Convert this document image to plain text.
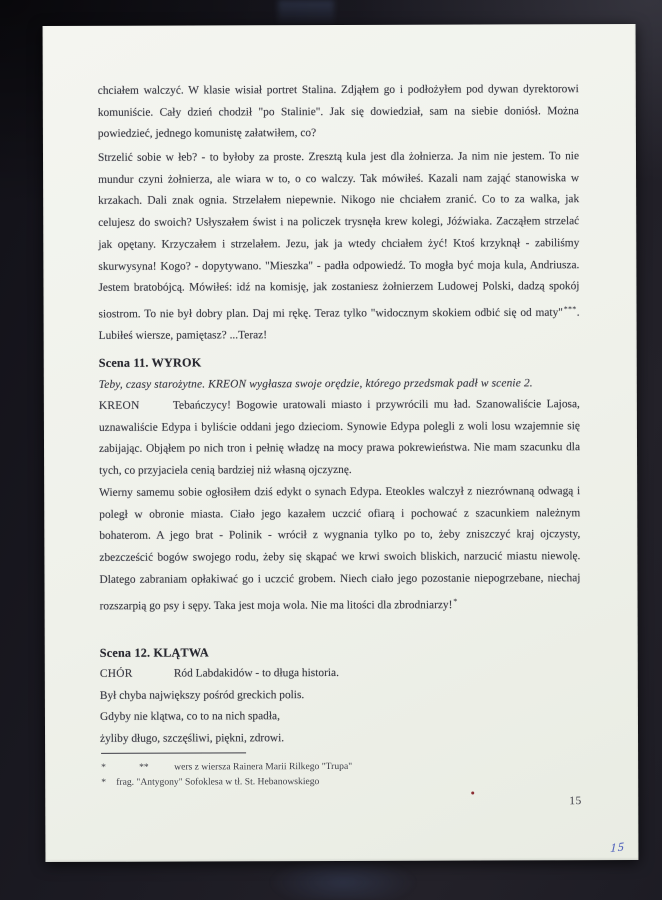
chciałem walczyć. W klasie wisiał portret Stalina. Zdjąłem go i podłożyłem pod dywan dyrektorowi komuniście. Cały dzień chodził "po Stalinie". Jak się dowiedział, sam na siebie doniósł. Można powiedzieć, jednego komunistę załatwiłem, co?
Strzelić sobie w łeb? - to byłoby za proste. Zresztą kula jest dla żołnierza. Ja nim nie jestem. To nie mundur czyni żołnierza, ale wiara w to, o co walczy. Tak mówiłeś. Kazali nam zająć stanowiska w krzakach. Dali znak ognia. Strzelałem niepewnie. Nikogo nie chciałem zranić. Co to za walka, jak celujesz do swoich? Usłyszałem świst i na policzek trysnęła krew kolegi, Jóźwiaka. Zacząłem strzelać jak opętany. Krzyczałem i strzelałem. Jezu, jak ja wtedy chciałem żyć! Ktoś krzyknął - zabiliśmy skurwysyna! Kogo? - dopytywano. "Mieszka" - padła odpowiedź. To mogła być moja kula, Andriusza. Jestem bratobójcą. Mówiłeś: idź na komisję, jak zostaniesz żołnierzem Ludowej Polski, dadzą spokój siostrom. To nie był dobry plan. Daj mi rękę. Teraz tylko "widocznym skokiem odbić się od maty"***. Lubiłeś wiersze, pamiętasz? ...Teraz!
Scena 11. WYROK
Teby, czasy starożytne. KREON wygłasza swoje orędzie, którego przedsmak padł w scenie 2.
KREON	Tebańczycy! Bogowie uratowali miasto i przywrócili mu ład. Szanowaliście Lajosa, uznawaliście Edypa i byliście oddani jego dzieciom. Synowie Edypa polegli z woli losu wzajemnie się zabijając. Objąłem po nich tron i pełnię władzę na mocy prawa pokrewieństwa. Nie mam szacunku dla tych, co przyjaciela cenią bardziej niż własną ojczyznę.
Wierny samemu sobie ogłosiłem dziś edykt o synach Edypa. Eteokles walczył z niezrównaną odwagą i poległ w obronie miasta. Ciało jego kazałem uczcić ofiarą i pochować z szacunkiem należnym bohaterom. A jego brat - Polinik - wrócił z wygnania tylko po to, żeby zniszczyć kraj ojczysty, zbezcześcić bogów swojego rodu, żeby się skąpać we krwi swoich bliskich, narzucić miastu niewolę. Dlatego zabraniam opłakiwać go i uczcić grobem. Niech ciało jego pozostanie niepogrzebane, niechaj rozszarpią go psy i sępy. Taka jest moja wola. Nie ma litości dla zbrodniarzy!*
Scena 12. KLĄTWA
CHÓR	Ród Labdakidów - to długa historia.
Był chyba największy pośród greckich polis.
Gdyby nie klątwa, co to na nich spadła,
żyliby długo, szczęśliwi, piękni, zdrowi.
*	**	wers z wiersza Rainera Marii Rilkego "Trupa"
* frag. "Antygony" Sofoklesa w tł. St. Hebanowskiego
15
15
